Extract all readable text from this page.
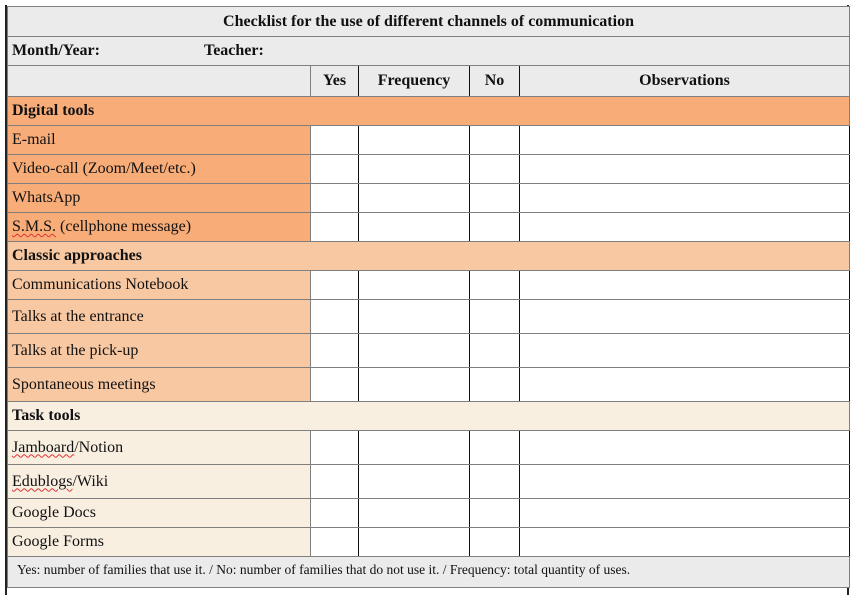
Checklist for the use of different channels of communication				
Month/Year: Teacher:				
	Yes	Frequency	No	Observations
Digital tools				
E-mail				
Video-call (Zoom/Meet/etc.)				
WhatsApp				
S.M.S. (cellphone message)				
Classic approaches				
Communications Notebook				
Talks at the entrance				
Talks at the pick-up				
Spontaneous meetings				
Task tools				
Jamboard/Notion				
Edublogs/Wiki				
Google Docs				
Google Forms				
Yes: number of families that use it. / No: number of families that do not use it. / Frequency: total quantity of uses.				
